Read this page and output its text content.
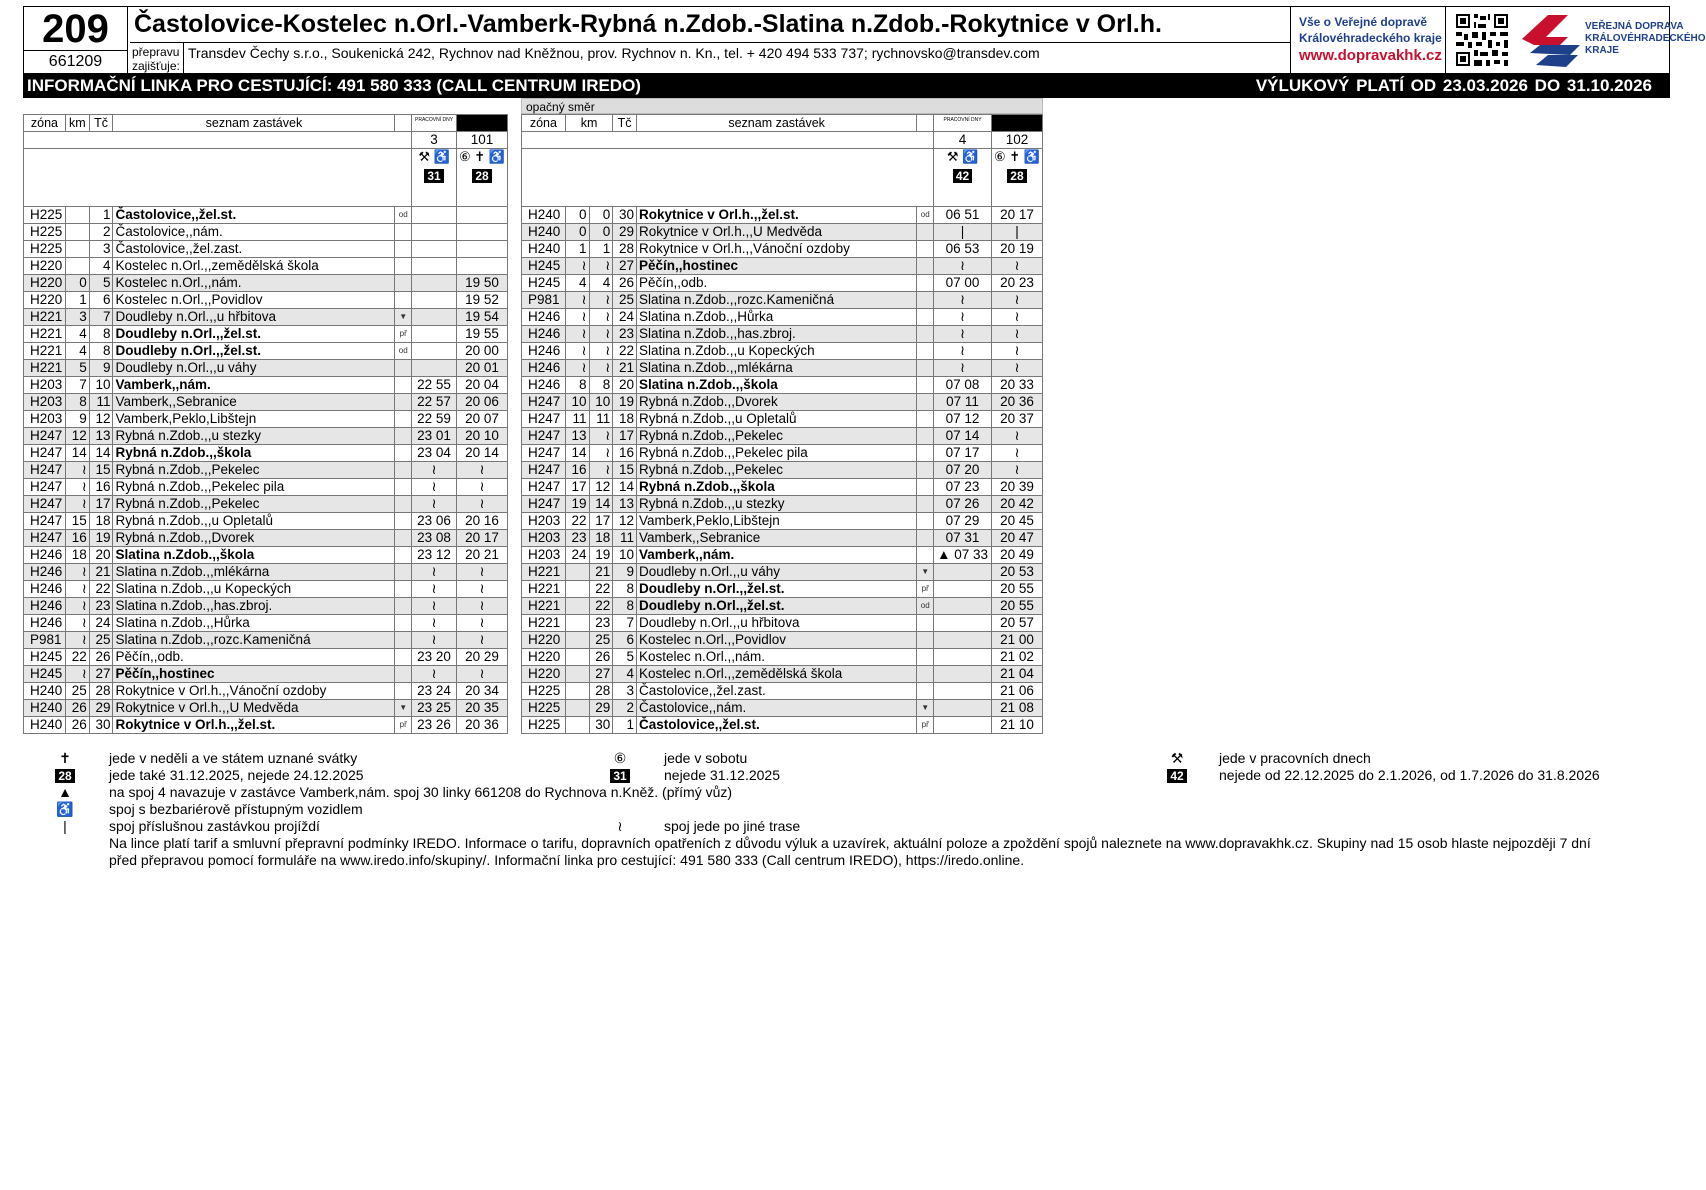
209
661209
Častolovice-Kostelec n.Orl.-Vamberk-Rybná n.Zdob.-Slatina n.Zdob.-Rokytnice v Orl.h.
přepravu
zajišťuje:
Transdev Čechy s.r.o., Soukenická 242, Rychnov nad Kněžnou, prov. Rychnov n. Kn., tel. + 420 494 533 737; rychnovsko@transdev.com
Vše o Veřejné dopravě
Královéhradeckého kraje
www.dopravakhk.cz
VEŘEJNÁ DOPRAVA
KRÁLOVÉHRADECKÉHO
KRAJE
INFORMAČNÍ LINKA PRO CESTUJÍCÍ: 491 580 333 (CALL CENTRUM IREDO)	VÝLUKOVÝ PLATÍ OD 23.03.2026 DO 31.10.2026
opačný směr
zóna	km	Tč	seznam zastávek		PRACOVNÍ DNY	
					3	101

					⚒ ♿
31	⑥ ✝ ♿
28
H225		1	Častolovice,,žel.st.	od		
H225		2	Častolovice,,nám.			
H225		3	Častolovice,,žel.zast.			
H220		4	Kostelec n.Orl.,,zemědělská škola			
H220	0	5	Kostelec n.Orl.,,nám.			19 50
H220	1	6	Kostelec n.Orl.,,Povidlov			19 52
H221	3	7	Doudleby n.Orl.,,u hřbitova	▼		19 54
H221	4	8	Doudleby n.Orl.,,žel.st.	př		19 55
H221	4	8	Doudleby n.Orl.,,žel.st.	od		20 00
H221	5	9	Doudleby n.Orl.,,u váhy			20 01
H203	7	10	Vamberk,,nám.		22 55	20 04
H203	8	11	Vamberk,,Sebranice		22 57	20 06
H203	9	12	Vamberk,Peklo,Libštejn		22 59	20 07
H247	12	13	Rybná n.Zdob.,,u stezky		23 01	20 10
H247	14	14	Rybná n.Zdob.,,škola		23 04	20 14
H247	≀	15	Rybná n.Zdob.,,Pekelec		≀	≀
H247	≀	16	Rybná n.Zdob.,,Pekelec pila		≀	≀
H247	≀	17	Rybná n.Zdob.,,Pekelec		≀	≀
H247	15	18	Rybná n.Zdob.,,u Opletalů		23 06	20 16
H247	16	19	Rybná n.Zdob.,,Dvorek		23 08	20 17
H246	18	20	Slatina n.Zdob.,,škola		23 12	20 21
H246	≀	21	Slatina n.Zdob.,,mlékárna		≀	≀
H246	≀	22	Slatina n.Zdob.,,u Kopeckých		≀	≀
H246	≀	23	Slatina n.Zdob.,,has.zbroj.		≀	≀
H246	≀	24	Slatina n.Zdob.,,Hůrka		≀	≀
P981	≀	25	Slatina n.Zdob.,,rozc.Kameničná		≀	≀
H245	22	26	Pěčín,,odb.		23 20	20 29
H245	≀	27	Pěčín,,hostinec		≀	≀
H240	25	28	Rokytnice v Orl.h.,,Vánoční ozdoby		23 24	20 34
H240	26	29	Rokytnice v Orl.h.,,U Medvěda	▼	23 25	20 35
H240	26	30	Rokytnice v Orl.h.,,žel.st.	př	23 26	20 36
zóna	km		Tč	seznam zastávek		PRACOVNÍ DNY	
						4	102

						⚒ ♿
42	⑥ ✝ ♿
28
H240	0	0	30	Rokytnice v Orl.h.,,žel.st.	od	06 51	20 17
H240	0	0	29	Rokytnice v Orl.h.,,U Medvěda		|	|
H240	1	1	28	Rokytnice v Orl.h.,,Vánoční ozdoby		06 53	20 19
H245	≀	≀	27	Pěčín,,hostinec		≀	≀
H245	4	4	26	Pěčín,,odb.		07 00	20 23
P981	≀	≀	25	Slatina n.Zdob.,,rozc.Kameničná		≀	≀
H246	≀	≀	24	Slatina n.Zdob.,,Hůrka		≀	≀
H246	≀	≀	23	Slatina n.Zdob.,,has.zbroj.		≀	≀
H246	≀	≀	22	Slatina n.Zdob.,,u Kopeckých		≀	≀
H246	≀	≀	21	Slatina n.Zdob.,,mlékárna		≀	≀
H246	8	8	20	Slatina n.Zdob.,,škola		07 08	20 33
H247	10	10	19	Rybná n.Zdob.,,Dvorek		07 11	20 36
H247	11	11	18	Rybná n.Zdob.,,u Opletalů		07 12	20 37
H247	13	≀	17	Rybná n.Zdob.,,Pekelec		07 14	≀
H247	14	≀	16	Rybná n.Zdob.,,Pekelec pila		07 17	≀
H247	16	≀	15	Rybná n.Zdob.,,Pekelec		07 20	≀
H247	17	12	14	Rybná n.Zdob.,,škola		07 23	20 39
H247	19	14	13	Rybná n.Zdob.,,u stezky		07 26	20 42
H203	22	17	12	Vamberk,Peklo,Libštejn		07 29	20 45
H203	23	18	11	Vamberk,,Sebranice		07 31	20 47
H203	24	19	10	Vamberk,,nám.		▲ 07 33	20 49
H221		21	9	Doudleby n.Orl.,,u váhy	▼		20 53
H221		22	8	Doudleby n.Orl.,,žel.st.	př		20 55
H221		22	8	Doudleby n.Orl.,,žel.st.	od		20 55
H221		23	7	Doudleby n.Orl.,,u hřbitova			20 57
H220		25	6	Kostelec n.Orl.,,Povidlov			21 00
H220		26	5	Kostelec n.Orl.,,nám.			21 02
H220		27	4	Kostelec n.Orl.,,zemědělská škola			21 04
H225		28	3	Častolovice,,žel.zast.			21 06
H225		29	2	Častolovice,,nám.	▼		21 08
H225		30	1	Častolovice,,žel.st.	př		21 10
✝	jede v neděli a ve státem uznané svátky	⑥	jede v sobotu	⚒	jede v pracovních dnech
28	jede také 31.12.2025, nejede 24.12.2025	31	nejede 31.12.2025	42	nejede od 22.12.2025 do 2.1.2026, od 1.7.2026 do 31.8.2026
▲	na spoj 4 navazuje v zastávce Vamberk,nám. spoj 30 linky 661208 do Rychnova n.Kněž. (přímý vůz)
♿	spoj s bezbariérově přístupným vozidlem
|	spoj příslušnou zastávkou projíždí	≀	spoj jede po jiné trase
Na lince platí tarif a smluvní přepravní podmínky IREDO. Informace o tarifu, dopravních opatřeních z důvodu výluk a uzavírek, aktuální poloze a zpoždění spojů naleznete na www.dopravakhk.cz. Skupiny nad 15 osob hlaste nejpozději 7 dní
před přepravou pomocí formuláře na www.iredo.info/skupiny/. Informační linka pro cestující: 491 580 333 (Call centrum IREDO), https://iredo.online.
